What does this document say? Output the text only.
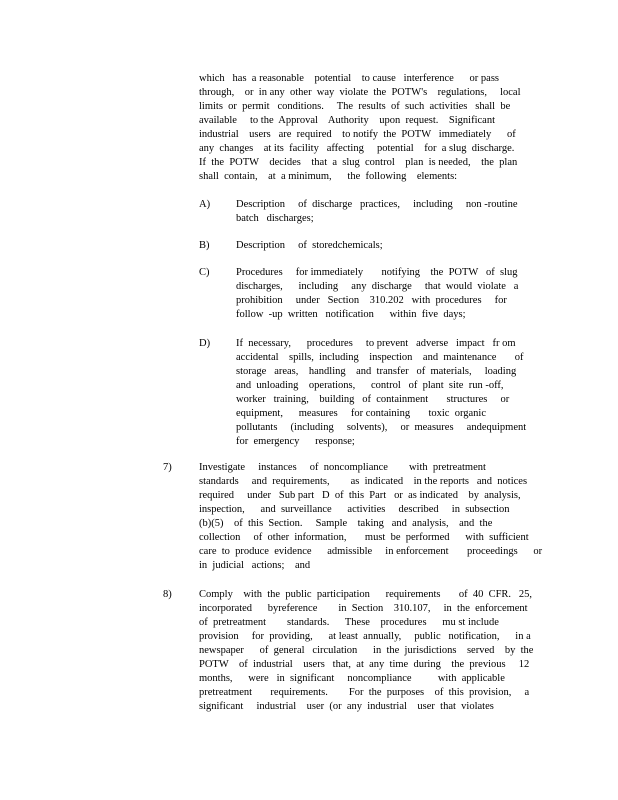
which   has  a reasonable    potential    to cause   interference      or pass
through,    or  in any  other  way  violate  the  POTW's    regulations,     local
limits  or  permit   conditions.     The  results  of  such  activities   shall  be
available     to the  Approval    Authority    upon  request.    Significant
industrial    users   are  required    to notify  the  POTW   immediately      of
any  changes    at its  facility   affecting     potential    for  a slug  discharge.
If  the  POTW    decides    that  a  slug  control    plan  is needed,    the  plan
shall  contain,    at  a minimum,      the  following    elements:
A) Description     of  discharge   practices,     including     non -routine
batch   discharges;
B)	Description     of  storedchemicals;
C)	Procedures     for immediately       notifying    the  POTW   of  slug
discharges,      including     any  discharge     that  would  violate   a
prohibition     under   Section    310.202   with  procedures     for
follow  -up  written   notification      within  five  days;
D) If  necessary,      procedures     to prevent   adverse   impact   fr om
accidental    spills,  including    inspection    and  maintenance       of
storage   areas,    handling    and  transfer   of  materials,     loading
and  unloading    operations,      control   of  plant  site  run -off,
worker   training,    building   of  containment       structures     or
equipment,      measures     for containing       toxic  organic
pollutants     (including     solvents),     or  measures     andequipment
for  emergency      response;
7)	Investigate     instances     of  noncompliance        with  pretreatment
standards     and  requirements,        as  indicated    in the reports   and  notices
required     under   Sub part   D  of  this  Part   or  as indicated    by  analysis,
inspection,      and  surveillance      activities     described     in  subsection
(b)(5)    of  this  Section.     Sample    taking   and  analysis,    and  the
collection     of  other  information,       must  be  performed      with  sufficient
care  to  produce  evidence      admissible     in enforcement       proceedings      or
in  judicial   actions;    and
8)	Comply    with  the  public  participation      requirements       of  40  CFR.   25,
incorporated      byreference        in  Section    310.107,     in  the  enforcement
of  pretreatment        standards.      These    procedures      mu st include
provision     for  providing,      at least  annually,     public   notification,      in a
newspaper      of  general   circulation      in  the  jurisdictions    served    by  the
POTW    of  industrial    users   that,  at  any  time  during    the  previous     12
months,      were   in  significant     noncompliance          with  applicable
pretreatment       requirements.        For  the  purposes    of  this  provision,     a
significant     industrial    user  (or  any  industrial    user  that  violates
